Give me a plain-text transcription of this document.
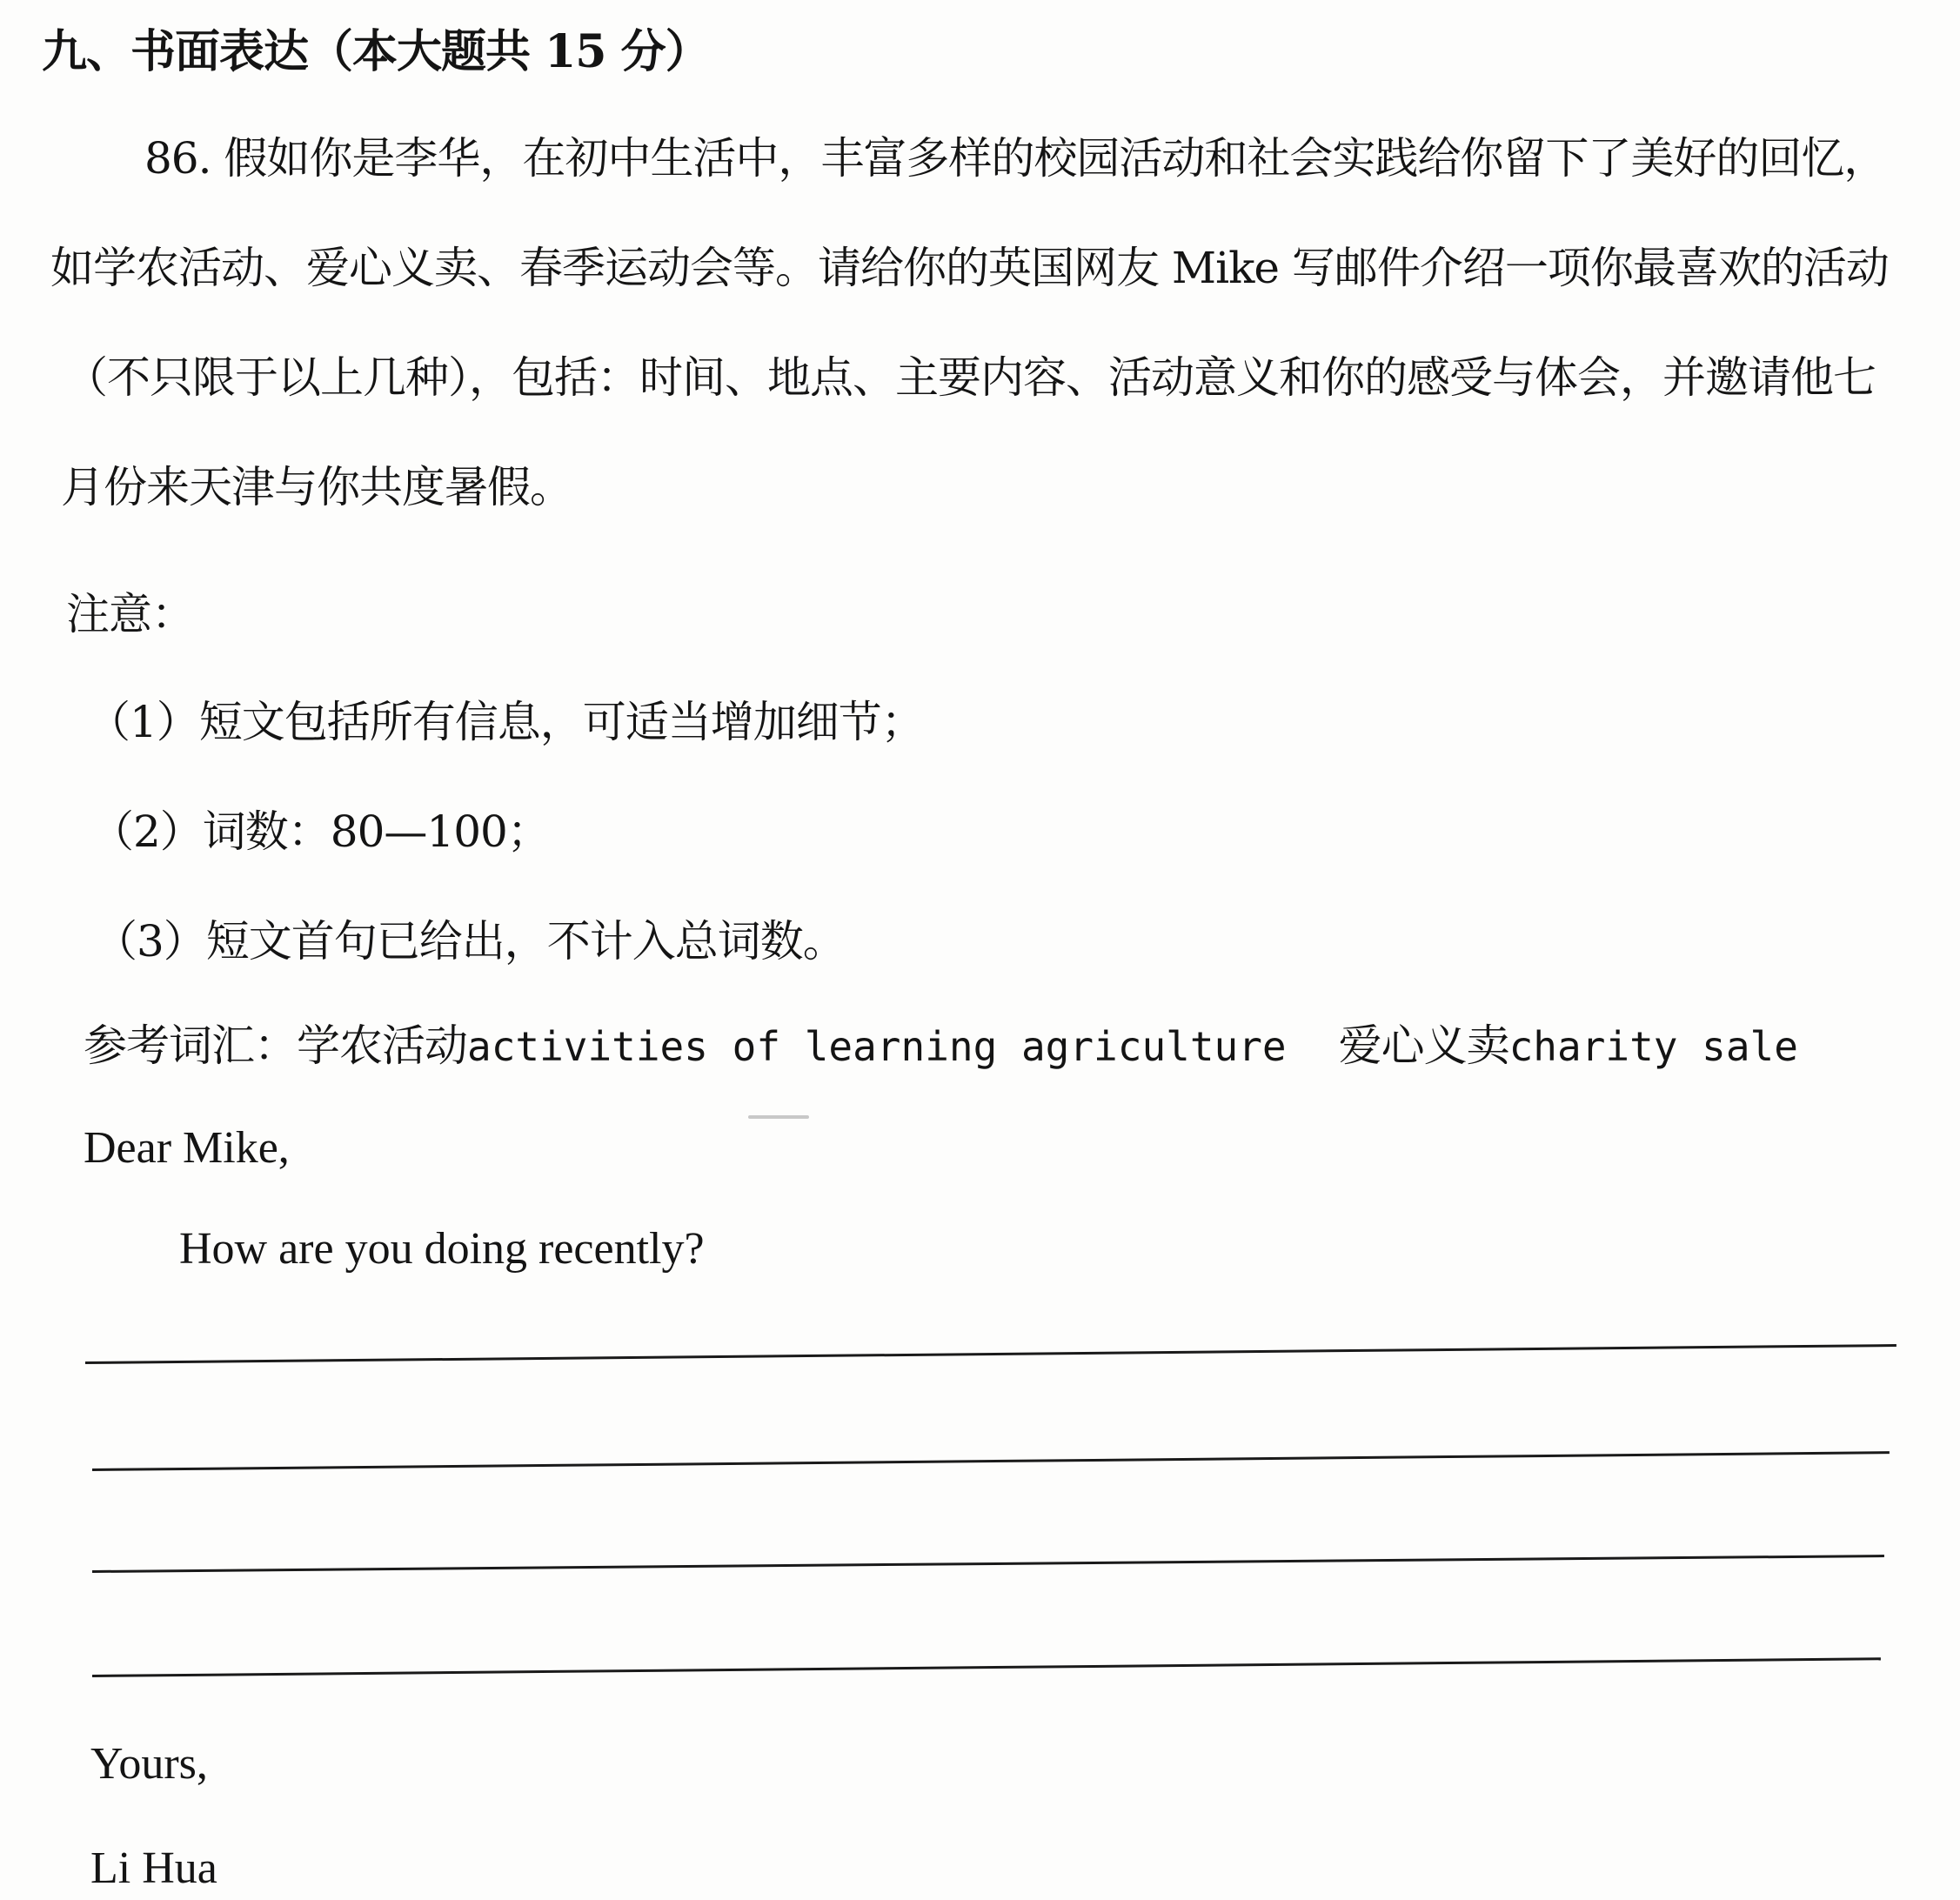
九、书面表达（本大题共 15 分）
86. 假如你是李华，在初中生活中，丰富多样的校园活动和社会实践给你留下了美好的回忆，
如学农活动、爱心义卖、春季运动会等。请给你的英国网友 Mike 写邮件介绍一项你最喜欢的活动
（不只限于以上几种），包括：时间、地点、主要内容、活动意义和你的感受与体会，并邀请他七
月份来天津与你共度暑假。
注意：
（1）短文包括所有信息，可适当增加细节；
（2）词数：80—100；
（3）短文首句已给出，不计入总词数。
参考词汇：学农活动activities of learning agriculture 爱心义卖charity sale
Dear Mike,
How are you doing recently?
Yours,
Li Hua
